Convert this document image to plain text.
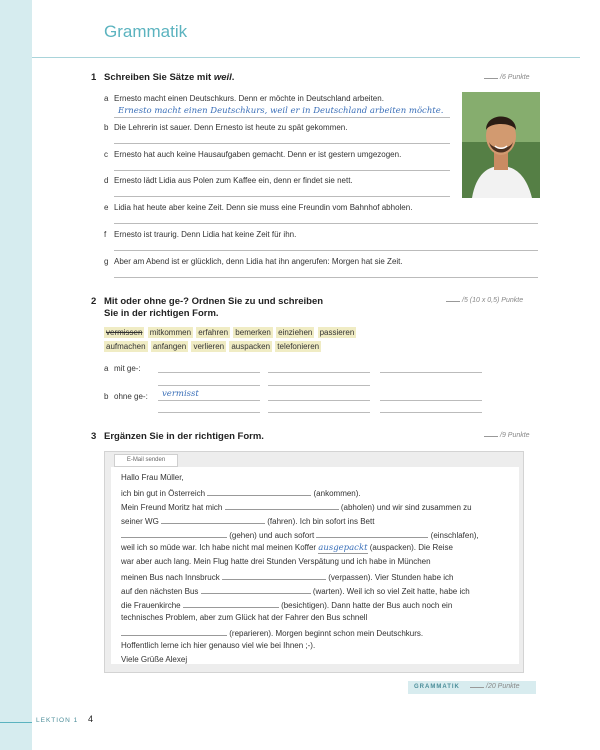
Grammatik
1 Schreiben Sie Sätze mit weil.	/6 Punkte
a Ernesto macht einen Deutschkurs. Denn er möchte in Deutschland arbeiten.
Ernesto macht einen Deutschkurs, weil er in Deutschland arbeiten möchte.
b Die Lehrerin ist sauer. Denn Ernesto ist heute zu spät gekommen.
c Ernesto hat auch keine Hausaufgaben gemacht. Denn er ist gestern umgezogen.
d Ernesto lädt Lidia aus Polen zum Kaffee ein, denn er findet sie nett.
e Lidia hat heute aber keine Zeit. Denn sie muss eine Freundin vom Bahnhof abholen.
f Ernesto ist traurig. Denn Lidia hat keine Zeit für ihn.
g Aber am Abend ist er glücklich, denn Lidia hat ihn angerufen: Morgen hat sie Zeit.
2 Mit oder ohne ge-? Ordnen Sie zu und schreiben
Sie in der richtigen Form.
/5 (10 x 0,5) Punkte
vermissen mitkommen erfahren bemerken einziehen passieren
aufmachen anfangen verlieren auspacken telefonieren
a mit ge-:
b ohne ge-: vermisst
3 Ergänzen Sie in der richtigen Form.	/9 Punkte
E-Mail senden
Hallo Frau Müller,
ich bin gut in Österreich	(ankommen).
Mein Freund Moritz hat mich	(abholen) und wir sind zusammen zu
seiner WG	(fahren). Ich bin sofort ins Bett
(gehen) und auch sofort	(einschlafen),
weil ich so müde war. Ich habe nicht mal meinen Koffer ausgepackt (auspacken). Die Reise
war aber auch lang. Mein Flug hatte drei Stunden Verspätung und ich habe in München
meinen Bus nach Innsbruck	(verpassen). Vier Stunden habe ich
auf den nächsten Bus	(warten). Weil ich so viel Zeit hatte, habe ich
die Frauenkirche	(besichtigen). Dann hatte der Bus auch noch ein
technisches Problem, aber zum Glück hat der Fahrer den Bus schnell
(reparieren). Morgen beginnt schon mein Deutschkurs.
Hoffentlich lerne ich hier genauso viel wie bei Ihnen ;-).
Viele Grüße Alexej
GRAMMATIK	/20 Punkte
LEKTION 1 4
